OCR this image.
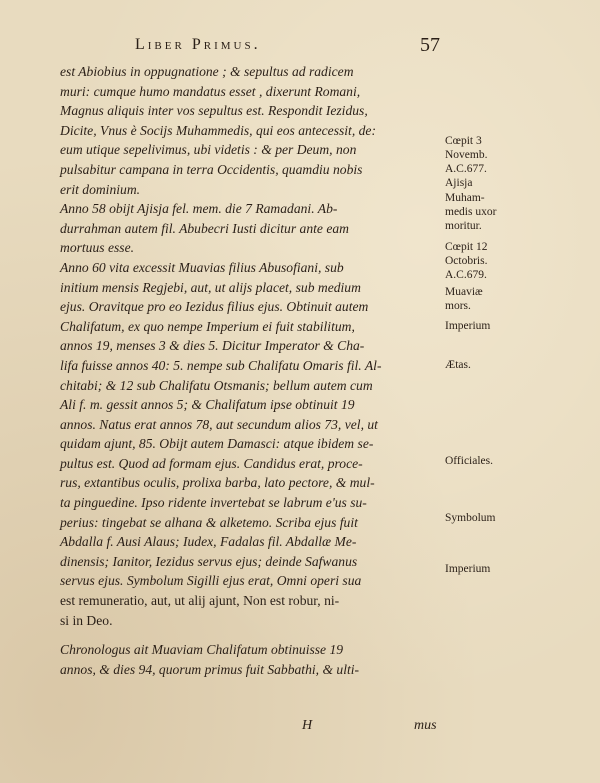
Liber Primus.	57
est Abiobius in oppugnatione ; & sepultus ad radicem
muri: cumque humo mandatus esset , dixerunt Romani,
Magnus aliquis inter vos sepultus est. Respondit Iezidus,
Dicite, Vnus è Socijs Muhammedis, qui eos antecessit, de:
eum utique sepelivimus, ubi videtis : & per Deum, non
pulsabitur campana in terra Occidentis, quamdiu nobis
erit dominium.
Anno 58 obijt Ajisja fel. mem. die 7 Ramadani. Ab-
durrahman autem fil. Abubecri Iusti dicitur ante eam
mortuus esse.
Anno 60 vita excessit Muavias filius Abusofiani, sub
initium mensis Regjebi, aut, ut alijs placet, sub medium
ejus. Oravitque pro eo Iezidus filius ejus. Obtinuit autem
Chalifatum, ex quo nempe Imperium ei fuit stabilitum,
annos 19, menses 3 & dies 5. Dicitur Imperator & Cha-
lifa fuisse annos 40: 5. nempe sub Chalifatu Omaris fil. Al-
chitabi; & 12 sub Chalifatu Otsmanis; bellum autem cum
Ali f. m. gessit annos 5; & Chalifatum ipse obtinuit 19
annos. Natus erat annos 78, aut secundum alios 73, vel, ut
quidam ajunt, 85. Obijt autem Damasci: atque ibidem se-
pultus est. Quod ad formam ejus. Candidus erat, proce-
rus, extantibus oculis, prolixa barba, lato pectore, & mul-
ta pinguedine. Ipso ridente invertebat se labrum e'us su-
perius: tingebat se alhana & alketemo. Scriba ejus fuit
Abdalla f. Ausi Alaus; Iudex, Fadalas fil. Abdallæ Me-
dinensis; Ianitor, Iezidus servus ejus; deinde Safwanus
servus ejus. Symbolum Sigilli ejus erat, Omni operi sua
est remuneratio, aut, ut alij ajunt, Non est robur, ni-
si in Deo.
Chronologus ait Muaviam Chalifatum obtinuisse 19
annos, & dies 94, quorum primus fuit Sabbathi, & ulti-
Cœpit 3
Novemb.
A.C.677.
Ajisja
Muham-
medis uxor
moritur.
Cœpit 12
Octobris.
A.C.679.
Muaviæ
mors.
Imperium
Ætas.
Officiales.
Symbolum
Imperium
H	mus
